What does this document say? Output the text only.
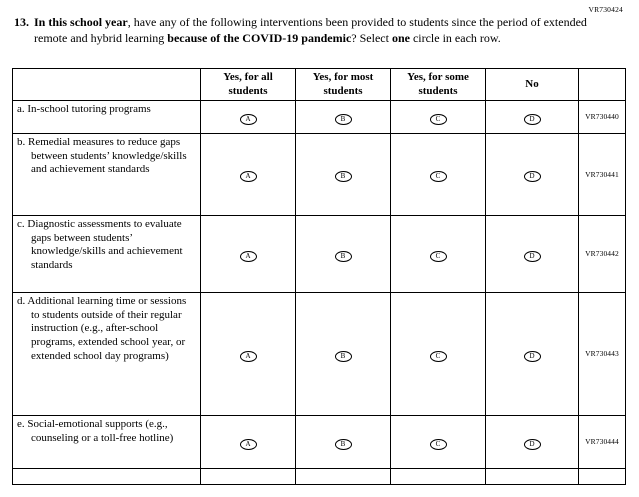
VR730424
13. In this school year, have any of the following interventions been provided to students since the period of extended remote and hybrid learning because of the COVID-19 pandemic? Select one circle in each row.
	Yes, for all students	Yes, for most students	Yes, for some students	No	

a. In-school tutoring programs	A	B	C	D	VR730440

b. Remedial measures to reduce gaps between students’ knowledge/skills and achievement standards	A	B	C	D	VR730441

c. Diagnostic assessments to evaluate gaps between students’ knowledge/skills and achievement standards	A	B	C	D	VR730442

d. Additional learning time or sessions to students outside of their regular instruction (e.g., after-school programs, extended school year, or extended school day programs)	A	B	C	D	VR730443

e. Social-emotional supports (e.g., counseling or a toll-free hotline)	A	B	C	D	VR730444
